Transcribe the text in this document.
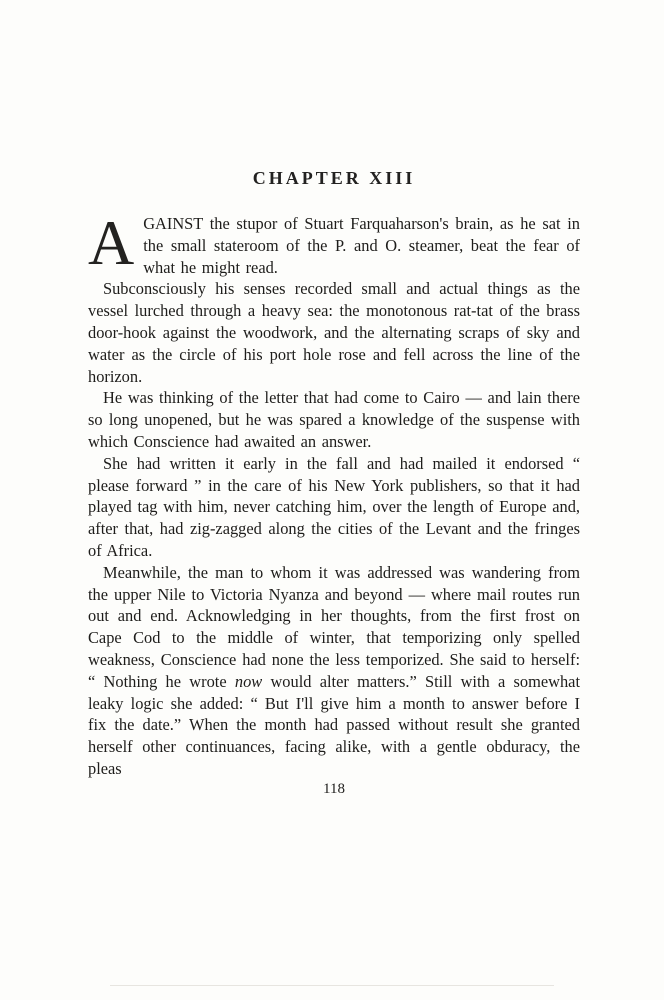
CHAPTER XIII

AGAINST the stupor of Stuart Farquaharson's brain, as he sat in the small stateroom of the P. and O. steamer, beat the fear of what he might read.

Subconsciously his senses recorded small and actual things as the vessel lurched through a heavy sea: the monotonous rat-tat of the brass door-hook against the woodwork, and the alternating scraps of sky and water as the circle of his port hole rose and fell across the line of the horizon.

He was thinking of the letter that had come to Cairo — and lain there so long unopened, but he was spared a knowledge of the suspense with which Conscience had awaited an answer.

She had written it early in the fall and had mailed it endorsed “ please forward ” in the care of his New York publishers, so that it had played tag with him, never catching him, over the length of Europe and, after that, had zig-zagged along the cities of the Levant and the fringes of Africa.

Meanwhile, the man to whom it was addressed was wandering from the upper Nile to Victoria Nyanza and beyond — where mail routes run out and end. Acknowledging in her thoughts, from the first frost on Cape Cod to the middle of winter, that temporizing only spelled weakness, Conscience had none the less temporized. She said to herself: “ Nothing he wrote now would alter matters.” Still with a somewhat leaky logic she added: “ But I'll give him a month to answer before I fix the date.” When the month had passed without result she granted herself other continuances, facing alike, with a gentle obduracy, the pleas

118
